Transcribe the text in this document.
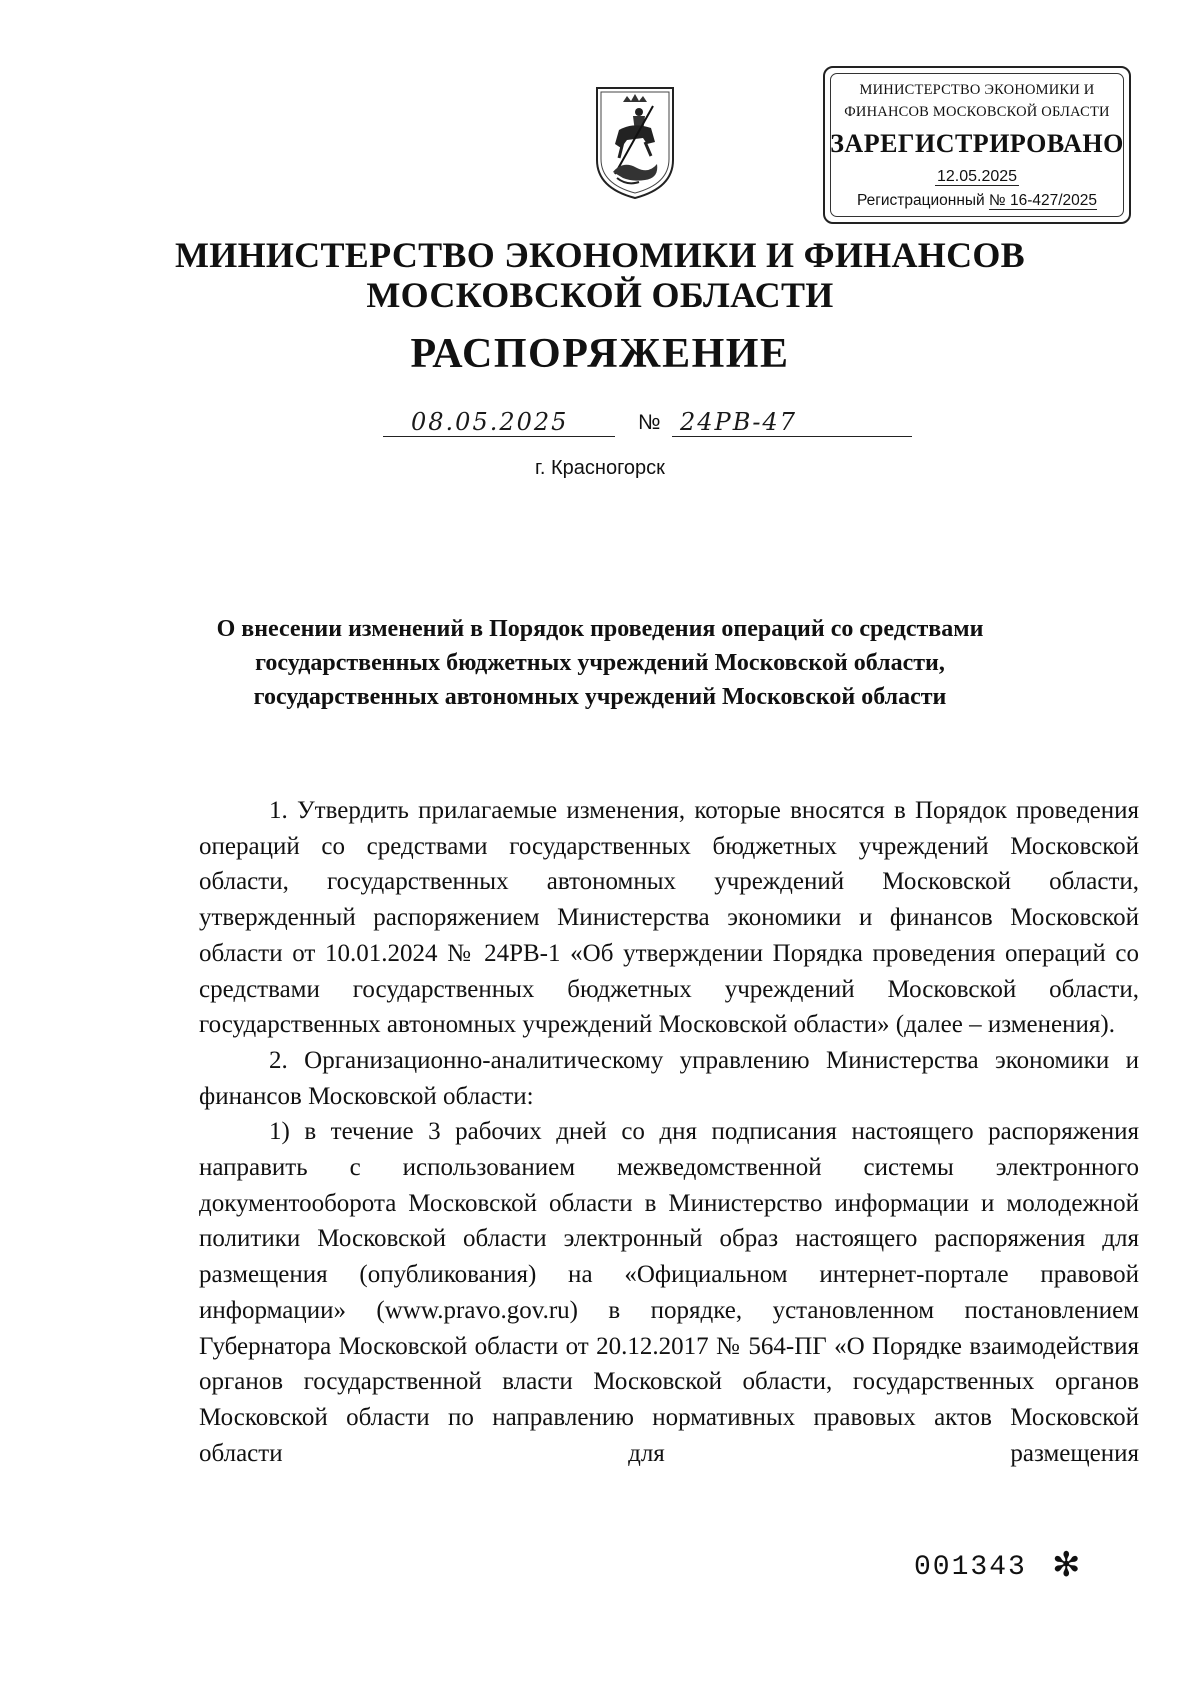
МИНИСТЕРСТВО ЭКОНОМИКИ И
ФИНАНСОВ МОСКОВСКОЙ ОБЛАСТИ
ЗАРЕГИСТРИРОВАНО
12.05.2025
Регистрационный № 16-427/2025
МИНИСТЕРСТВО ЭКОНОМИКИ И ФИНАНСОВ
МОСКОВСКОЙ ОБЛАСТИ
РАСПОРЯЖЕНИЕ
08.05.2025	№ 24РВ-47
г. Красногорск
О внесении изменений в Порядок проведения операций со средствами
государственных бюджетных учреждений Московской области,
государственных автономных учреждений Московской области

1. Утвердить прилагаемые изменения, которые вносятся в Порядок проведения операций со средствами государственных бюджетных учреждений Московской области, государственных автономных учреждений Московской области, утвержденный распоряжением Министерства экономики и финансов Московской области от 10.01.2024 № 24РВ-1 «Об утверждении Порядка проведения операций со средствами государственных бюджетных учреждений Московской области, государственных автономных учреждений Московской области» (далее – изменения).

2. Организационно-аналитическому управлению Министерства экономики и финансов Московской области:

1) в течение 3 рабочих дней со дня подписания настоящего распоряжения направить с использованием межведомственной системы электронного документооборота Московской области в Министерство информации и молодежной политики Московской области электронный образ настоящего распоряжения для размещения (опубликования) на «Официальном интернет-портале правовой информации» (www.pravo.gov.ru) в порядке, установленном постановлением Губернатора Московской области от 20.12.2017 № 564-ПГ «О Порядке взаимодействия органов государственной власти Московской области, государственных органов Московской области по направлению нормативных правовых актов Московской области для размещения

001343 ✻
